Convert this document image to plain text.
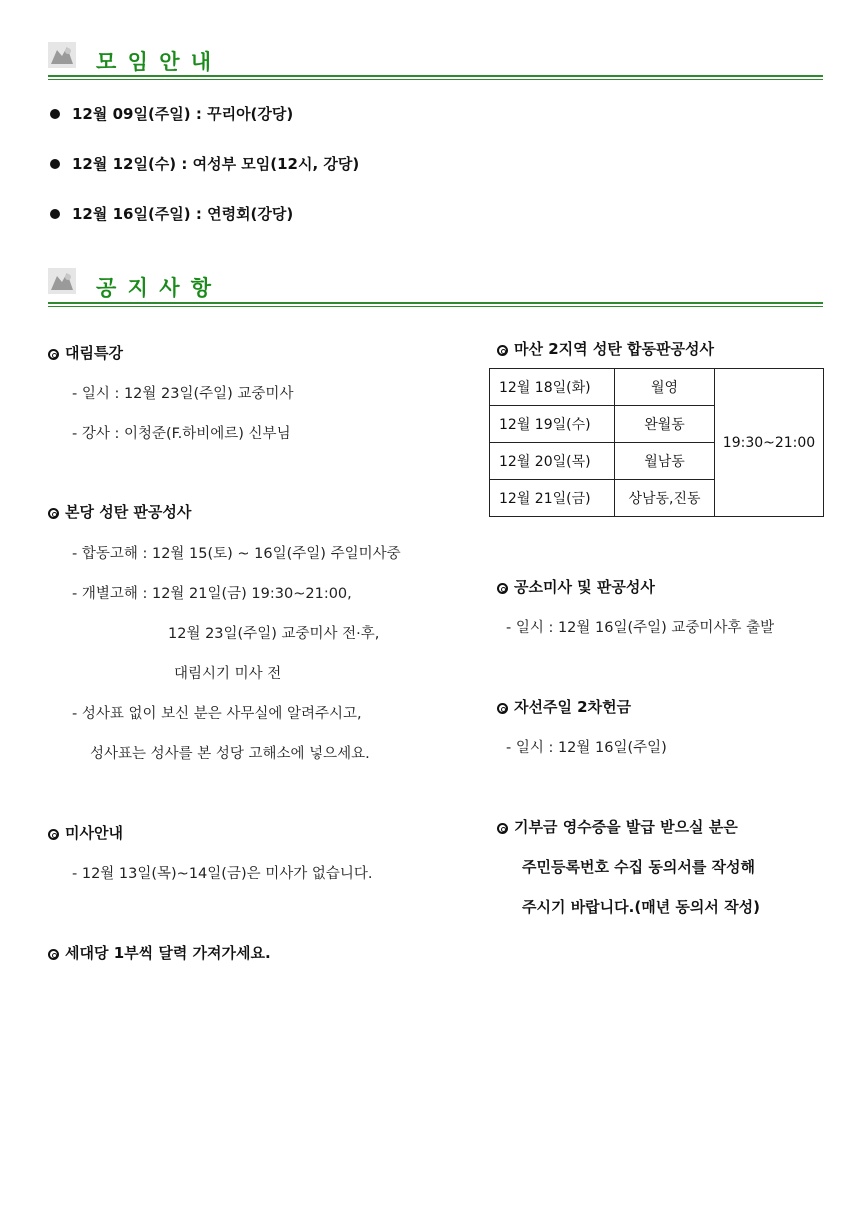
모 임 안 내
12월 09일(주일) : 꾸리아(강당)
12월 12일(수) : 여성부 모임(12시, 강당)
12월 16일(주일) : 연령회(강당)
공 지 사 항
대림특강
- 일시 : 12월 23일(주일) 교중미사
- 강사 : 이청준(F.하비에르) 신부님
본당 성탄 판공성사
- 합동고해 : 12월 15(토) ~ 16일(주일) 주일미사중
- 개별고해 : 12월 21일(금) 19:30~21:00,
12월 23일(주일) 교중미사 전·후,
대림시기 미사 전
- 성사표 없이 보신 분은 사무실에 알려주시고,
성사표는 성사를 본 성당 고해소에 넣으세요.
미사안내
- 12월 13일(목)~14일(금)은 미사가 없습니다.
세대당 1부씩 달력 가져가세요.
마산 2지역 성탄 합동판공성사
12월 18일(화)	월영	19:30~21:00
12월 19일(수)	완월동	
12월 20일(목)	월남동	
12월 21일(금)	상남동,진동	
공소미사 및 판공성사
- 일시 : 12월 16일(주일) 교중미사후 출발
자선주일 2차헌금
- 일시 : 12월 16일(주일)
기부금 영수증을 발급 받으실 분은
주민등록번호 수집 동의서를 작성해
주시기 바랍니다.(매년 동의서 작성)
